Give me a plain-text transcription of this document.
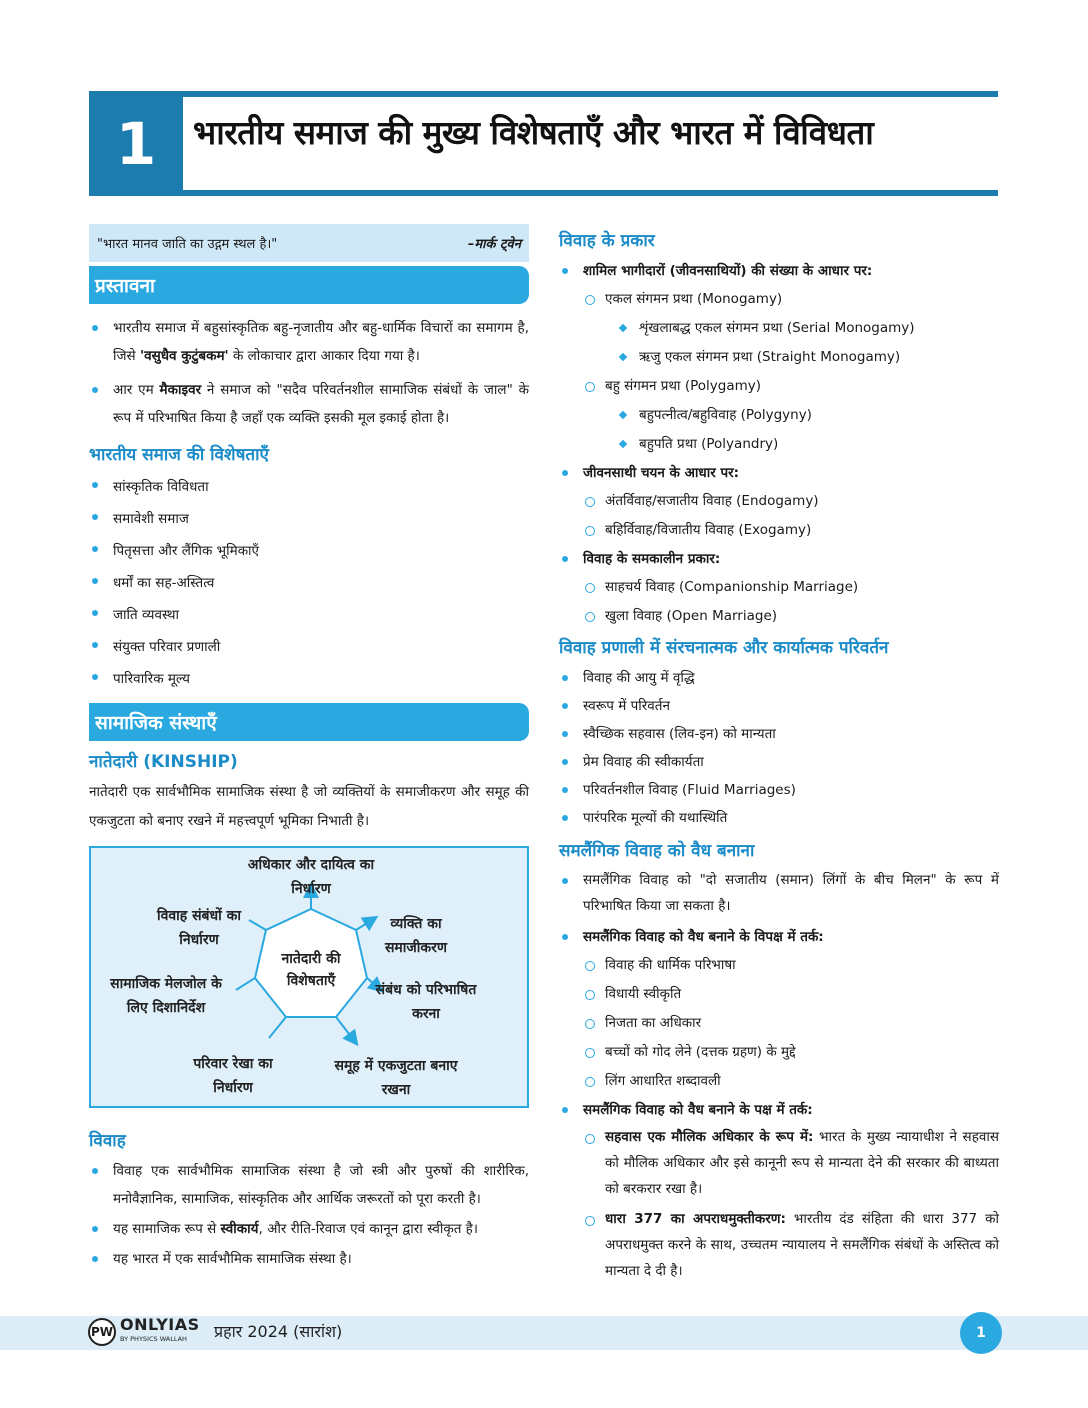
1	भारतीय समाज की मुख्य विशेषताएँ और भारत में विविधता
"भारत मानव जाति का उद्गम स्थल है।"	–मार्क ट्वेन
प्रस्तावना
भारतीय समाज में बहुसांस्कृतिक बहु-नृजातीय और बहु-धार्मिक विचारों का समागम है, जिसे 'वसुधैव कुटुंबकम' के लोकाचार द्वारा आकार दिया गया है।
आर एम मैकाइवर ने समाज को "सदैव परिवर्तनशील सामाजिक संबंधों के जाल" के रूप में परिभाषित किया है जहाँ एक व्यक्ति इसकी मूल इकाई होता है।
भारतीय समाज की विशेषताएँ
सांस्कृतिक विविधता
समावेशी समाज
पितृसत्ता और लैंगिक भूमिकाएँ
धर्मों का सह-अस्तित्व
जाति व्यवस्था
संयुक्त परिवार प्रणाली
पारिवारिक मूल्य
सामाजिक संस्थाएँ
नातेदारी (KINSHIP)
नातेदारी एक सार्वभौमिक सामाजिक संस्था है जो व्यक्तियों के समाजीकरण और समूह की एकजुटता को बनाए रखने में महत्त्वपूर्ण भूमिका निभाती है।
नातेदारी की विशेषताएँ
अधिकार और दायित्व का निर्धारण
व्यक्ति का समाजीकरण
संबंध को परिभाषित करना
समूह में एकजुटता बनाए रखना
परिवार रेखा का निर्धारण
सामाजिक मेलजोल के लिए दिशानिर्देश
विवाह संबंधों का निर्धारण
विवाह
विवाह एक सार्वभौमिक सामाजिक संस्था है जो स्त्री और पुरुषों की शारीरिक, मनोवैज्ञानिक, सामाजिक, सांस्कृतिक और आर्थिक जरूरतों को पूरा करती है।
यह सामाजिक रूप से स्वीकार्य, और रीति-रिवाज एवं कानून द्वारा स्वीकृत है।
यह भारत में एक सार्वभौमिक सामाजिक संस्था है।
विवाह के प्रकार
शामिल भागीदारों (जीवनसाथियों) की संख्या के आधार पर:
एकल संगमन प्रथा (Monogamy)
शृंखलाबद्ध एकल संगमन प्रथा (Serial Monogamy)
ऋजु एकल संगमन प्रथा (Straight Monogamy)
बहु संगमन प्रथा (Polygamy)
बहुपत्नीत्व/बहुविवाह (Polygyny)
बहुपति प्रथा (Polyandry)
जीवनसाथी चयन के आधार पर:
अंतर्विवाह/सजातीय विवाह (Endogamy)
बहिर्विवाह/विजातीय विवाह (Exogamy)
विवाह के समकालीन प्रकार:
साहचर्य विवाह (Companionship Marriage)
खुला विवाह (Open Marriage)
विवाह प्रणाली में संरचनात्मक और कार्यात्मक परिवर्तन
विवाह की आयु में वृद्धि
स्वरूप में परिवर्तन
स्वैच्छिक सहवास (लिव-इन) को मान्यता
प्रेम विवाह की स्वीकार्यता
परिवर्तनशील विवाह (Fluid Marriages)
पारंपरिक मूल्यों की यथास्थिति
समलैंगिक विवाह को वैध बनाना
समलैंगिक विवाह को "दो सजातीय (समान) लिंगों के बीच मिलन" के रूप में परिभाषित किया जा सकता है।
समलैंगिक विवाह को वैध बनाने के विपक्ष में तर्क:
विवाह की धार्मिक परिभाषा
विधायी स्वीकृति
निजता का अधिकार
बच्चों को गोद लेने (दत्तक ग्रहण) के मुद्दे
लिंग आधारित शब्दावली
समलैंगिक विवाह को वैध बनाने के पक्ष में तर्क:
सहवास एक मौलिक अधिकार के रूप में: भारत के मुख्य न्यायाधीश ने सहवास को मौलिक अधिकार और इसे कानूनी रूप से मान्यता देने की सरकार की बाध्यता को बरकरार रखा है।
धारा 377 का अपराधमुक्तीकरण: भारतीय दंड संहिता की धारा 377 को अपराधमुक्त करने के साथ, उच्चतम न्यायालय ने समलैंगिक संबंधों के अस्तित्व को मान्यता दे दी है।
PW ONLYIAS
BY PHYSICS WALLAH	प्रहार 2024 (सारांश)	1
